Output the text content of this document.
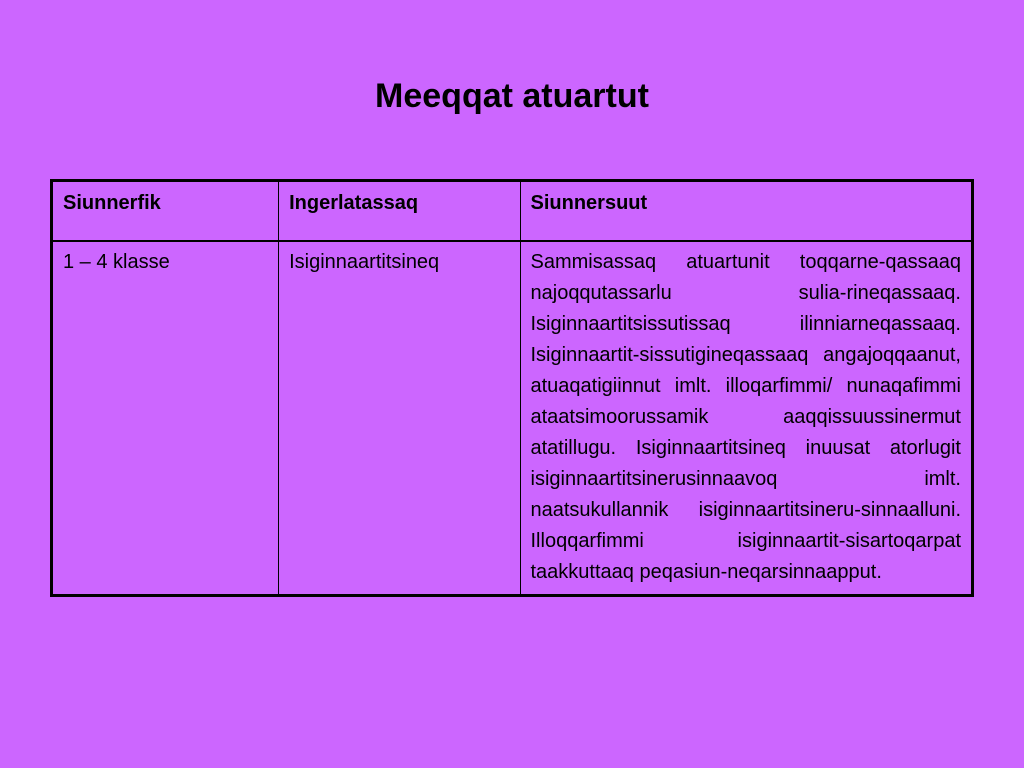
Meeqqat atuartut
Siunnerfik	Ingerlatassaq	Siunnersuut
1 – 4 klasse	Isiginnaartitsineq	Sammisassaq atuartunit toqqarne-qassaaq najoqqutassarlu sulia-rineqassaaq. Isiginnaartitsissutissaq ilinniarneqassaaq. Isiginnaartit-sissutigineqassaaq angajoqqaanut, atuaqatigiinnut imlt. illoqarfimmi/ nunaqafimmi ataatsimoorussamik aaqqissuussinermut atatillugu. Isiginnaartitsineq inuusat atorlugit isiginnaartitsinerusinnaavoq imlt. naatsukullannik isiginnaartitsineru-sinnaalluni. Illoqqarfimmi isiginnaartit-sisartoqarpat taakkuttaaq peqasiun-neqarsinnaapput.
